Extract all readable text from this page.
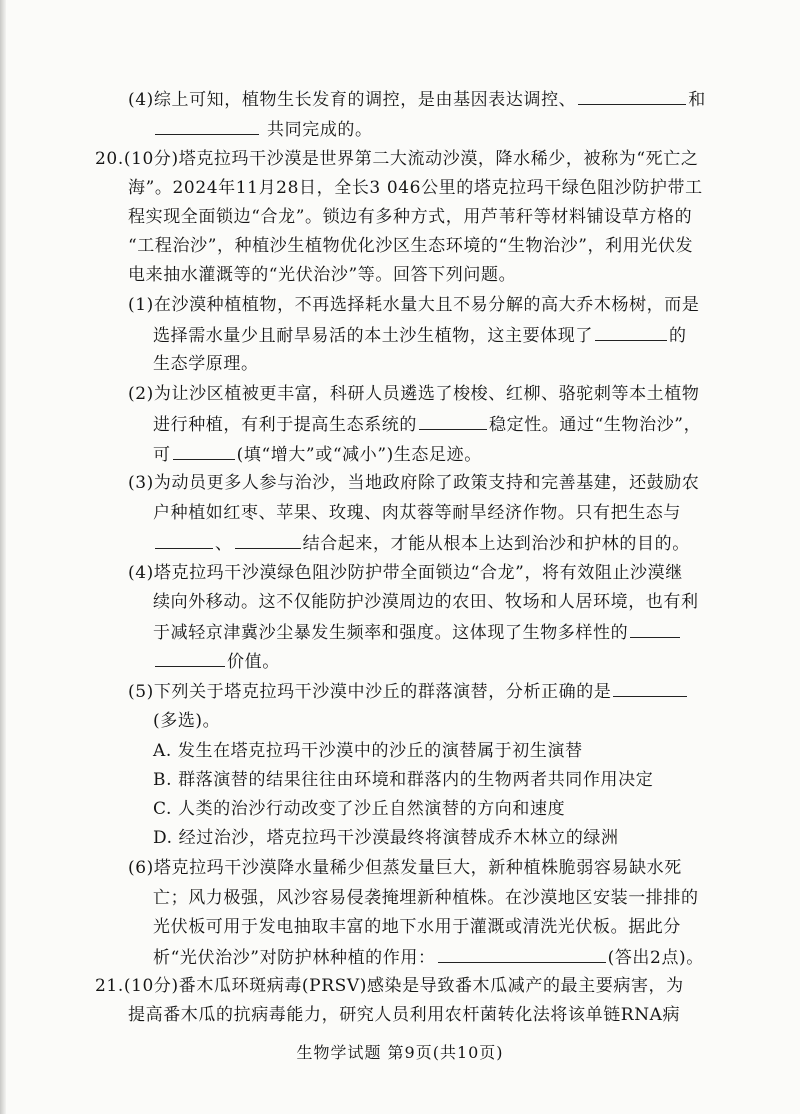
(4)综上可知，植物生长发育的调控，是由基因表达调控、	和
共同完成的。
20.(10分)塔克拉玛干沙漠是世界第二大流动沙漠，降水稀少，被称为“死亡之
海”。2024年11月28日，全长3 046公里的塔克拉玛干绿色阻沙防护带工
程实现全面锁边“合龙”。锁边有多种方式，用芦苇秆等材料铺设草方格的
“工程治沙”，种植沙生植物优化沙区生态环境的“生物治沙”，利用光伏发
电来抽水灌溉等的“光伏治沙”等。回答下列问题。
(1)在沙漠种植植物，不再选择耗水量大且不易分解的高大乔木杨树，而是
选择需水量少且耐旱易活的本土沙生植物，这主要体现了	的
生态学原理。
(2)为让沙区植被更丰富，科研人员遴选了梭梭、红柳、骆驼刺等本土植物
进行种植，有利于提高生态系统的	稳定性。通过“生物治沙”，
可	(填“增大”或“减小”)生态足迹。
(3)为动员更多人参与治沙，当地政府除了政策支持和完善基建，还鼓励农
户种植如红枣、苹果、玫瑰、肉苁蓉等耐旱经济作物。只有把生态与
、	结合起来，才能从根本上达到治沙和护林的目的。
(4)塔克拉玛干沙漠绿色阻沙防护带全面锁边“合龙”，将有效阻止沙漠继
续向外移动。这不仅能防护沙漠周边的农田、牧场和人居环境，也有利
于减轻京津冀沙尘暴发生频率和强度。这体现了生物多样性的
价值。
(5)下列关于塔克拉玛干沙漠中沙丘的群落演替，分析正确的是
(多选)。
A. 发生在塔克拉玛干沙漠中的沙丘的演替属于初生演替
B. 群落演替的结果往往由环境和群落内的生物两者共同作用决定
C. 人类的治沙行动改变了沙丘自然演替的方向和速度
D. 经过治沙，塔克拉玛干沙漠最终将演替成乔木林立的绿洲
(6)塔克拉玛干沙漠降水量稀少但蒸发量巨大，新种植株脆弱容易缺水死
亡；风力极强，风沙容易侵袭掩埋新种植株。在沙漠地区安装一排排的
光伏板可用于发电抽取丰富的地下水用于灌溉或清洗光伏板。据此分
析“光伏治沙”对防护林种植的作用：	(答出2点)。
21.(10分)番木瓜环斑病毒(PRSV)感染是导致番木瓜减产的最主要病害，为
提高番木瓜的抗病毒能力，研究人员利用农杆菌转化法将该单链RNA病
生物学试题 第9页(共10页)
